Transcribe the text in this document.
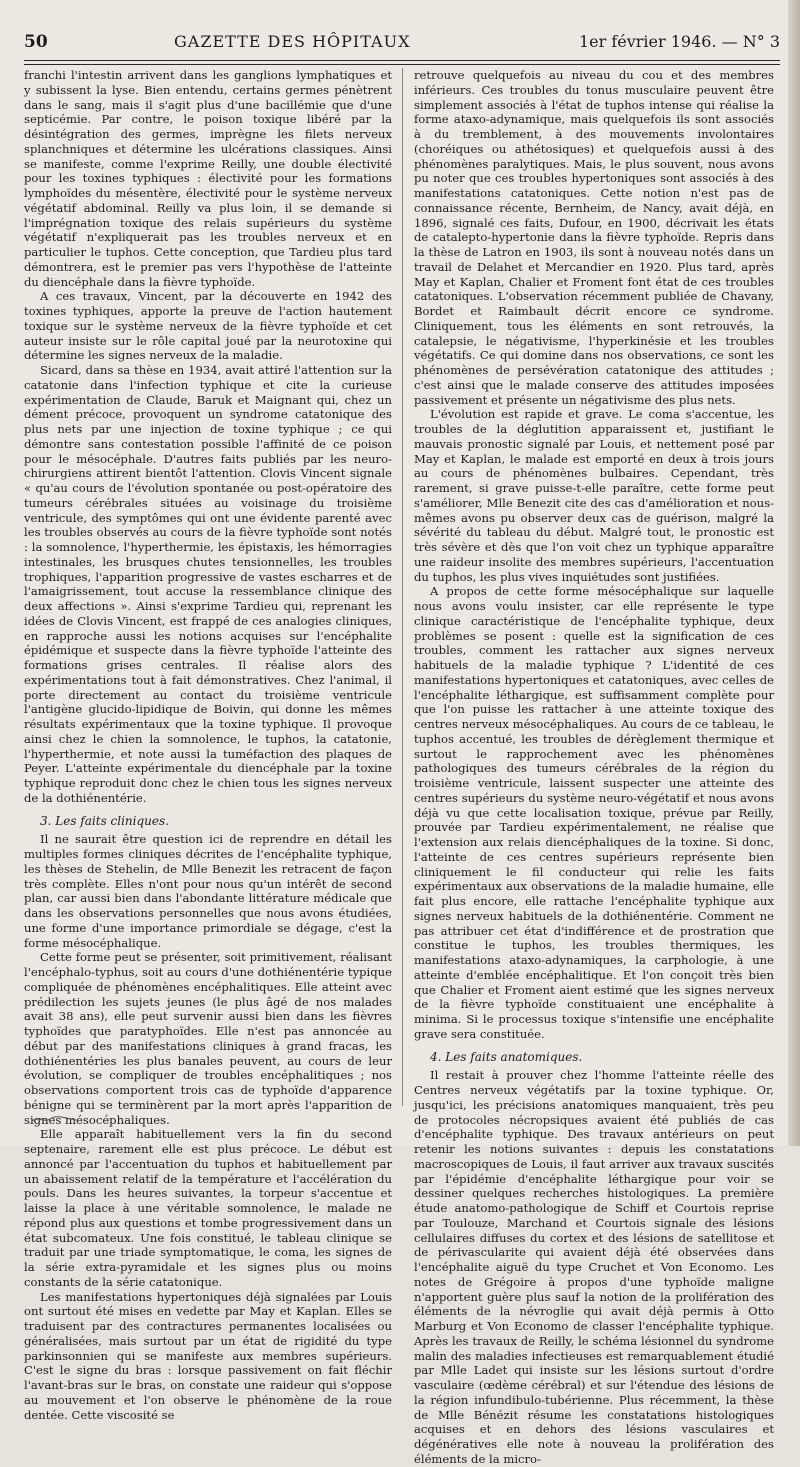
50	GAZETTE DES HÔPITAUX	1er février 1946. — N° 3

franchi l'intestin arrivent dans les ganglions lymphatiques et y subissent la lyse. Bien entendu, certains germes pénètrent dans le sang, mais il s'agit plus d'une bacillémie que d'une septicémie. Par contre, le poison toxique libéré par la désintégration des germes, imprègne les filets nerveux splanchniques et détermine les ulcérations classiques. Ainsi se manifeste, comme l'exprime Reilly, une double électivité pour les toxines typhiques : électivité pour les formations lymphoïdes du mésentère, électivité pour le système nerveux végétatif abdominal. Reilly va plus loin, il se demande si l'imprégnation toxique des relais supérieurs du système végétatif n'expliquerait pas les troubles nerveux et en particulier le tuphos. Cette conception, que Tardieu plus tard démontrera, est le premier pas vers l'hypothèse de l'atteinte du diencéphale dans la fièvre typhoïde.

A ces travaux, Vincent, par la découverte en 1942 des toxines typhiques, apporte la preuve de l'action hautement toxique sur le système nerveux de la fièvre typhoïde et cet auteur insiste sur le rôle capital joué par la neurotoxine qui détermine les signes nerveux de la maladie.

Sicard, dans sa thèse en 1934, avait attiré l'attention sur la catatonie dans l'infection typhique et cite la curieuse expérimentation de Claude, Baruk et Maignant qui, chez un dément précoce, provoquent un syndrome catatonique des plus nets par une injection de toxine typhique ; ce qui démontre sans contestation possible l'affinité de ce poison pour le mésocéphale. D'autres faits publiés par les neuro-chirurgiens attirent bientôt l'attention. Clovis Vincent signale « qu'au cours de l'évolution spontanée ou post-opératoire des tumeurs cérébrales situées au voisinage du troisième ventricule, des symptômes qui ont une évidente parenté avec les troubles observés au cours de la fièvre typhoïde sont notés : la somnolence, l'hyperthermie, les épistaxis, les hémorragies intestinales, les brusques chutes tensionnelles, les troubles trophiques, l'apparition progressive de vastes escharres et de l'amaigrissement, tout accuse la ressemblance clinique des deux affections ». Ainsi s'exprime Tardieu qui, reprenant les idées de Clovis Vincent, est frappé de ces analogies cliniques, en rapproche aussi les notions acquises sur l'encéphalite épidémique et suspecte dans la fièvre typhoïde l'atteinte des formations grises centrales. Il réalise alors des expérimentations tout à fait démonstratives. Chez l'animal, il porte directement au contact du troisième ventricule l'antigène glucido-lipidique de Boivin, qui donne les mêmes résultats expérimentaux que la toxine typhique. Il provoque ainsi chez le chien la somnolence, le tuphos, la catatonie, l'hyperthermie, et note aussi la tuméfaction des plaques de Peyer. L'atteinte expérimentale du diencéphale par la toxine typhique reproduit donc chez le chien tous les signes nerveux de la dothiénentérie.

3. Les faits cliniques.

Il ne saurait être question ici de reprendre en détail les multiples formes cliniques décrites de l'encéphalite typhique, les thèses de Stehelin, de Mlle Benezit les retracent de façon très complète. Elles n'ont pour nous qu'un intérêt de second plan, car aussi bien dans l'abondante littérature médicale que dans les observations personnelles que nous avons étudiées, une forme d'une importance primordiale se dégage, c'est la forme mésocéphalique.

Cette forme peut se présenter, soit primitivement, réalisant l'encéphalo-typhus, soit au cours d'une dothiénentérie typique compliquée de phénomènes encéphalitiques. Elle atteint avec prédilection les sujets jeunes (le plus âgé de nos malades avait 38 ans), elle peut survenir aussi bien dans les fièvres typhoïdes que paratyphoïdes. Elle n'est pas annoncée au début par des manifestations cliniques à grand fracas, les dothiénentéries les plus banales peuvent, au cours de leur évolution, se compliquer de troubles encéphalitiques ; nos observations comportent trois cas de typhoïde d'apparence bénigne qui se terminèrent par la mort après l'apparition de signes mésocéphaliques.

Elle apparaît habituellement vers la fin du second septenaire, rarement elle est plus précoce. Le début est annoncé par l'accentuation du tuphos et habituellement par un abaissement relatif de la température et l'accélération du pouls. Dans les heures suivantes, la torpeur s'accentue et laisse la place à une véritable somnolence, le malade ne répond plus aux questions et tombe progressivement dans un état subcomateux. Une fois constitué, le tableau clinique se traduit par une triade symptomatique, le coma, les signes de la série extra-pyramidale et les signes plus ou moins constants de la série catatonique.

Les manifestations hypertoniques déjà signalées par Louis ont surtout été mises en vedette par May et Kaplan. Elles se traduisent par des contractures permanentes localisées ou généralisées, mais surtout par un état de rigidité du type parkinsonnien qui se manifeste aux membres supérieurs. C'est le signe du bras : lorsque passivement on fait fléchir l'avant-bras sur le bras, on constate une raideur qui s'oppose au mouvement et l'on observe le phénomène de la roue dentée. Cette viscosité se

retrouve quelquefois au niveau du cou et des membres inférieurs. Ces troubles du tonus musculaire peuvent être simplement associés à l'état de tuphos intense qui réalise la forme ataxo-adynamique, mais quelquefois ils sont associés à du tremblement, à des mouvements involontaires (choréiques ou athétosiques) et quelquefois aussi à des phénomènes paralytiques. Mais, le plus souvent, nous avons pu noter que ces troubles hypertoniques sont associés à des manifestations catatoniques. Cette notion n'est pas de connaissance récente, Bernheim, de Nancy, avait déjà, en 1896, signalé ces faits, Dufour, en 1900, décrivait les états de catalepto-hypertonie dans la fièvre typhoïde. Repris dans la thèse de Latron en 1903, ils sont à nouveau notés dans un travail de Delahet et Mercandier en 1920. Plus tard, après May et Kaplan, Chalier et Froment font état de ces troubles catatoniques. L'observation récemment publiée de Chavany, Bordet et Raimbault décrit encore ce syndrome. Cliniquement, tous les éléments en sont retrouvés, la catalepsie, le négativisme, l'hyperkinésie et les troubles végétatifs. Ce qui domine dans nos observations, ce sont les phénomènes de persévération catatonique des attitudes ; c'est ainsi que le malade conserve des attitudes imposées passivement et présente un négativisme des plus nets.

L'évolution est rapide et grave. Le coma s'accentue, les troubles de la déglutition apparaissent et, justifiant le mauvais pronostic signalé par Louis, et nettement posé par May et Kaplan, le malade est emporté en deux à trois jours au cours de phénomènes bulbaires. Cependant, très rarement, si grave puisse-t-elle paraître, cette forme peut s'améliorer, Mlle Benezit cite des cas d'amélioration et nous-mêmes avons pu observer deux cas de guérison, malgré la sévérité du tableau du début. Malgré tout, le pronostic est très sévère et dès que l'on voit chez un typhique apparaître une raideur insolite des membres supérieurs, l'accentuation du tuphos, les plus vives inquiétudes sont justifiées.

A propos de cette forme mésocéphalique sur laquelle nous avons voulu insister, car elle représente le type clinique caractéristique de l'encéphalite typhique, deux problèmes se posent : quelle est la signification de ces troubles, comment les rattacher aux signes nerveux habituels de la maladie typhique ? L'identité de ces manifestations hypertoniques et catatoniques, avec celles de l'encéphalite léthargique, est suffisamment complète pour que l'on puisse les rattacher à une atteinte toxique des centres nerveux mésocéphaliques. Au cours de ce tableau, le tuphos accentué, les troubles de dérèglement thermique et surtout le rapprochement avec les phénomènes pathologiques des tumeurs cérébrales de la région du troisième ventricule, laissent suspecter une atteinte des centres supérieurs du système neuro-végétatif et nous avons déjà vu que cette localisation toxique, prévue par Reilly, prouvée par Tardieu expérimentalement, ne réalise que l'extension aux relais diencéphaliques de la toxine. Si donc, l'atteinte de ces centres supérieurs représente bien cliniquement le fil conducteur qui relie les faits expérimentaux aux observations de la maladie humaine, elle fait plus encore, elle rattache l'encéphalite typhique aux signes nerveux habituels de la dothiénentérie. Comment ne pas attribuer cet état d'indifférence et de prostration que constitue le tuphos, les troubles thermiques, les manifestations ataxo-adynamiques, la carphologie, à une atteinte d'emblée encéphalitique. Et l'on conçoit très bien que Chalier et Froment aient estimé que les signes nerveux de la fièvre typhoïde constituaient une encéphalite à minima. Si le processus toxique s'intensifie une encéphalite grave sera constituée.

4. Les faits anatomiques.

Il restait à prouver chez l'homme l'atteinte réelle des Centres nerveux végétatifs par la toxine typhique. Or, jusqu'ici, les précisions anatomiques manquaient, très peu de protocoles nécropsiques avaient été publiés de cas d'encéphalite typhique. Des travaux antérieurs on peut retenir les notions suivantes : depuis les constatations macroscopiques de Louis, il faut arriver aux travaux suscités par l'épidémie d'encéphalite léthargique pour voir se dessiner quelques recherches histologiques. La première étude anatomo-pathologique de Schiff et Courtois reprise par Toulouze, Marchand et Courtois signale des lésions cellulaires diffuses du cortex et des lésions de satellitose et de périvascularite qui avaient déjà été observées dans l'encéphalite aiguë du type Cruchet et Von Economo. Les notes de Grégoire à propos d'une typhoïde maligne n'apportent guère plus sauf la notion de la prolifération des éléments de la névroglie qui avait déjà permis à Otto Marburg et Von Economo de classer l'encéphalite typhique. Après les travaux de Reilly, le schéma lésionnel du syndrome malin des maladies infectieuses est remarquablement étudié par Mlle Ladet qui insiste sur les lésions surtout d'ordre vasculaire (œdème cérébral) et sur l'étendue des lésions de la région infundibulo-tubérienne. Plus récemment, la thèse de Mlle Bénézit résume les constatations histologiques acquises et en dehors des lésions vasculaires et dégénératives elle note à nouveau la prolifération des éléments de la micro-
